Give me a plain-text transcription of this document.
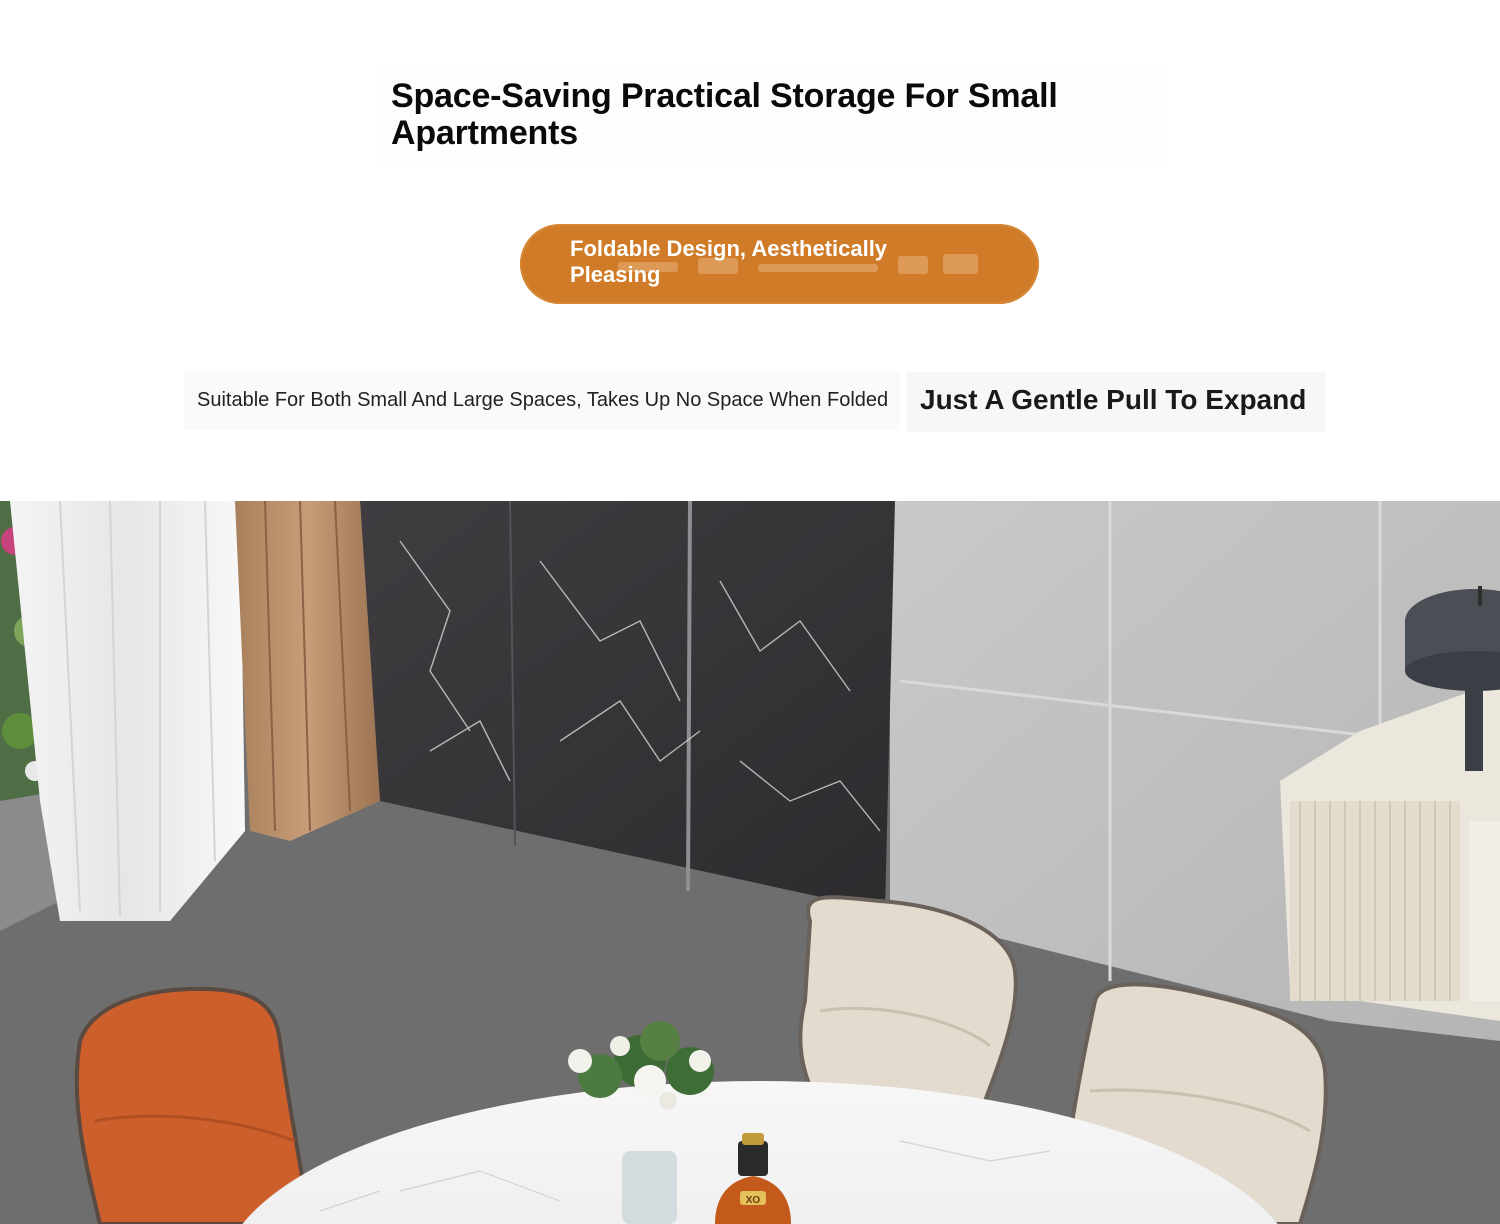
Space-Saving Practical Storage For Small Apartments
Foldable Design, Aesthetically Pleasing
Suitable For Both Small And Large Spaces, Takes Up No Space When Folded Just A Gentle Pull To Expand
XO
